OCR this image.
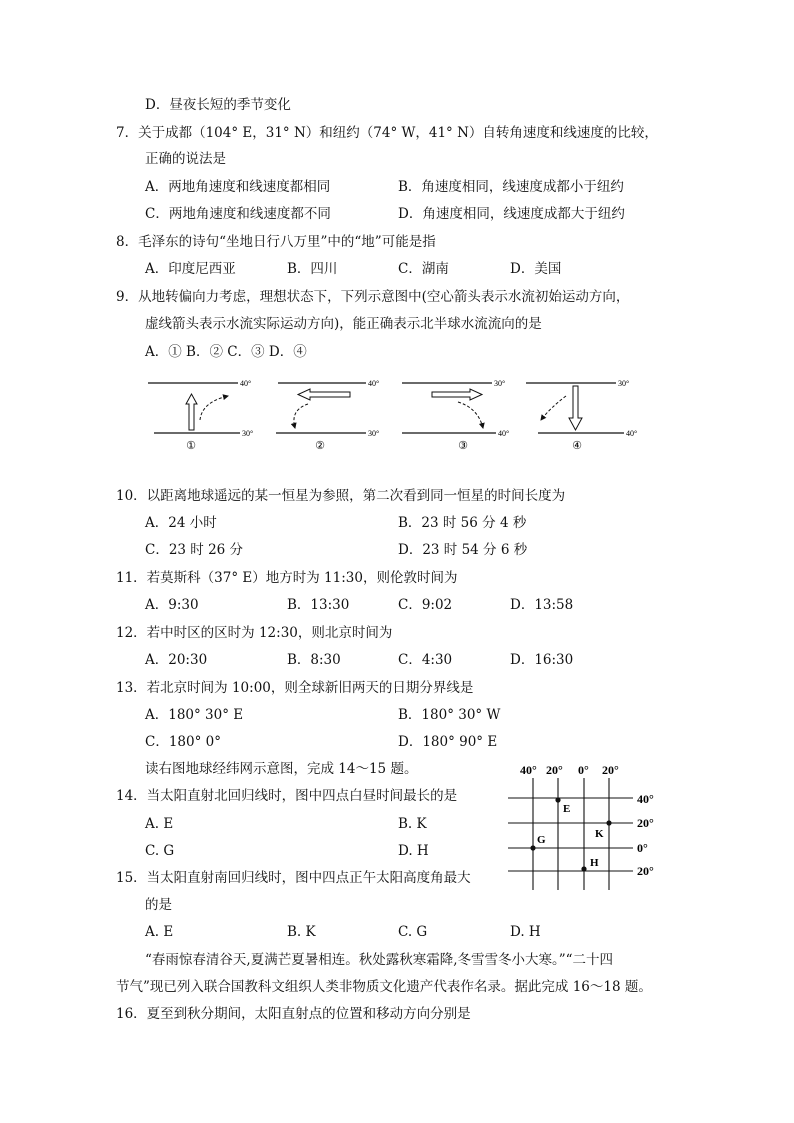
D．昼夜长短的季节变化
7．关于成都（104° E，31° N）和纽约（74° W，41° N）自转角速度和线速度的比较，
正确的说法是
A．两地角速度和线速度都相同	B．角速度相同，线速度成都小于纽约
C．两地角速度和线速度都不同	D．角速度相同，线速度成都大于纽约
8．毛泽东的诗句“坐地日行八万里”中的“地”可能是指
A．印度尼西亚	B．四川	C．湖南	D．美国
9．从地转偏向力考虑，理想状态下，下列示意图中(空心箭头表示水流初始运动方向，
虚线箭头表示水流实际运动方向)，能正确表示北半球水流流向的是
A．① B．② C．③ D．④
40°
30°
①
40°
30°
②
30°
40°
③
30°
40°
④
10．以距离地球遥远的某一恒星为参照，第二次看到同一恒星的时间长度为
A．24 小时	B．23 时 56 分 4 秒
C．23 时 26 分	D．23 时 54 分 6 秒
11．若莫斯科（37° E）地方时为 11:30，则伦敦时间为
A．9:30	B．13:30	C．9:02	D．13:58
12．若中时区的区时为 12:30，则北京时间为
A．20:30	B．8:30	C．4:30	D．16:30
13．若北京时间为 10:00，则全球新旧两天的日期分界线是
A．180° 30° E	B．180° 30° W
C．180° 0°	D．180° 90° E
读右图地球经纬网示意图，完成 14～15 题。
14．当太阳直射北回归线时，图中四点白昼时间最长的是
A. E	B. K
C. G	D. H
15．当太阳直射南回归线时，图中四点正午太阳高度角最大
的是
A. E	B. K	C. G	D. H
40° 20° 0° 20°
40°
20°
0°
20°
E
K
G
H
“春雨惊春清谷天,夏满芒夏暑相连。秋处露秋寒霜降,冬雪雪冬小大寒。”“二十四
节气”现已列入联合国教科文组织人类非物质文化遗产代表作名录。据此完成 16～18 题。
16．夏至到秋分期间，太阳直射点的位置和移动方向分别是
